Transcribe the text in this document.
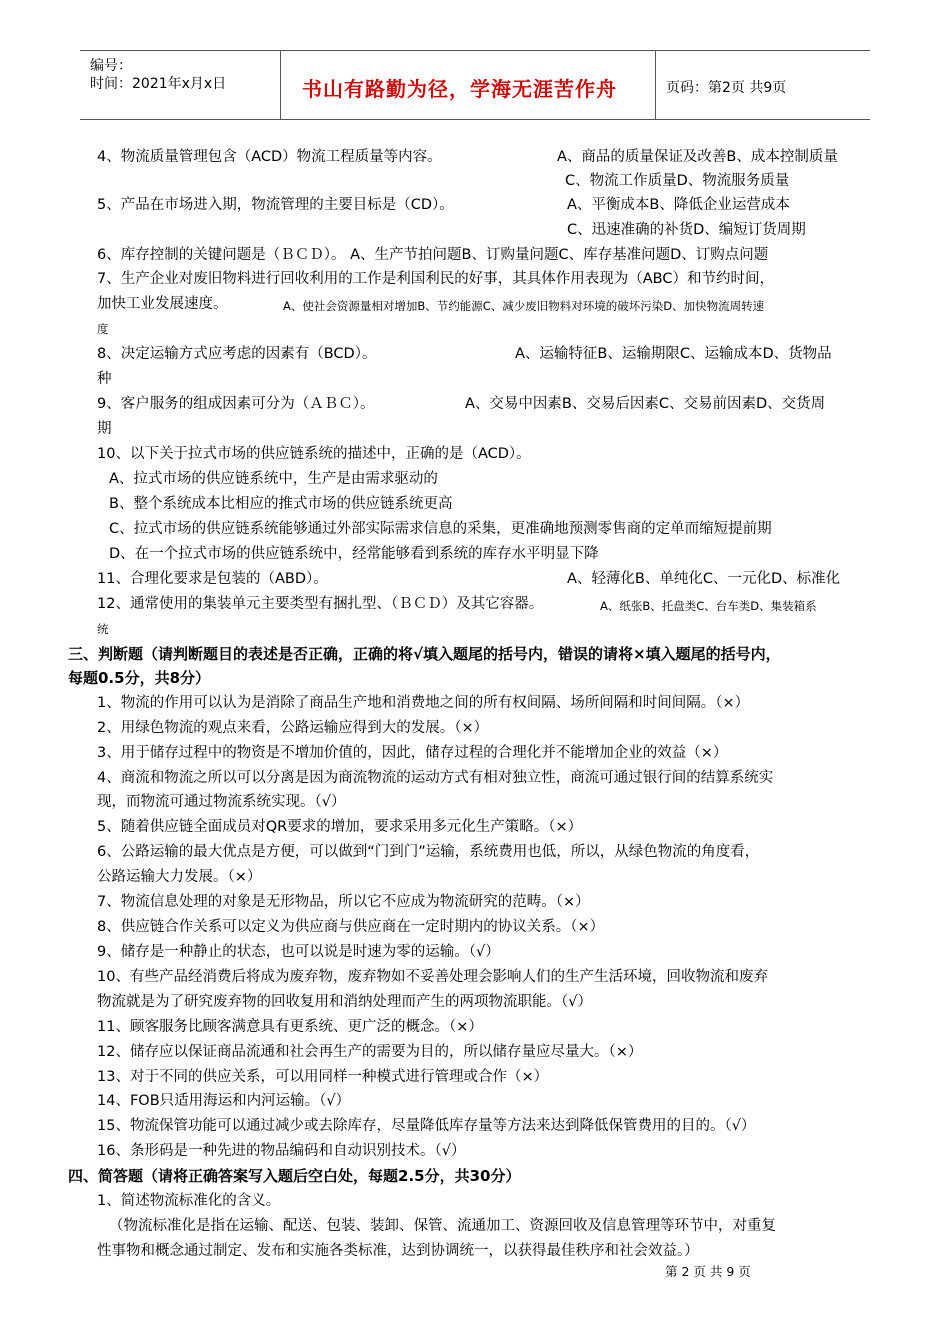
编号：
时间：2021年x月x日	书山有路勤为径，学海无涯苦作舟	页码：第2页 共9页
4、物流质量管理包含（ACD）物流工程质量等内容。	A、商品的质量保证及改善B、成本控制质量
C、物流工作质量D、物流服务质量
5、产品在市场进入期，物流管理的主要目标是（CD）。	A、平衡成本B、降低企业运营成本
C、迅速准确的补货D、编短订货周期
6、库存控制的关键问题是（ＢＣＤ）。 A、生产节拍问题B、订购量问题C、库存基准问题D、订购点问题
7、生产企业对废旧物料进行回收利用的工作是利国利民的好事，其具体作用表现为（ABC）和节约时间，
加快工业发展速度。	A、使社会资源量相对增加B、节约能源C、减少废旧物料对环境的破坏污染D、加快物流周转速
度
8、决定运输方式应考虑的因素有（BCD）。	A、运输特征B、运输期限C、运输成本D、货物品
种
9、客户服务的组成因素可分为（ＡＢＣ）。	A、交易中因素B、交易后因素C、交易前因素D、交货周
期
10、以下关于拉式市场的供应链系统的描述中，正确的是（ACD）。
A、拉式市场的供应链系统中，生产是由需求驱动的
B、整个系统成本比相应的推式市场的供应链系统更高
C、拉式市场的供应链系统能够通过外部实际需求信息的采集，更准确地预测零售商的定单而缩短提前期
D、在一个拉式市场的供应链系统中，经常能够看到系统的库存水平明显下降
11、合理化要求是包装的（ABD）。	A、轻薄化B、单纯化C、一元化D、标准化
12、通常使用的集装单元主要类型有捆扎型、（ＢＣＤ）及其它容器。	A、纸张B、托盘类C、台车类D、集装箱系
统
三、判断题（请判断题目的表述是否正确，正确的将√填入题尾的括号内，错误的请将×填入题尾的括号内，
每题0.5分，共8分）
1、物流的作用可以认为是消除了商品生产地和消费地之间的所有权间隔、场所间隔和时间间隔。（×）
2、用绿色物流的观点来看，公路运输应得到大的发展。（×）
3、用于储存过程中的物资是不增加价值的，因此，储存过程的合理化并不能增加企业的效益（×）
4、商流和物流之所以可以分离是因为商流物流的运动方式有相对独立性，商流可通过银行间的结算系统实
现，而物流可通过物流系统实现。（√）
5、随着供应链全面成员对QR要求的增加，要求采用多元化生产策略。（×）
6、公路运输的最大优点是方便，可以做到“门到门”运输，系统费用也低，所以，从绿色物流的角度看，
公路运输大力发展。（×）
7、物流信息处理的对象是无形物品，所以它不应成为物流研究的范畴。（×）
8、供应链合作关系可以定义为供应商与供应商在一定时期内的协议关系。（×）
9、储存是一种静止的状态，也可以说是时速为零的运输。（√）
10、有些产品经消费后将成为废弃物，废弃物如不妥善处理会影响人们的生产生活环境，回收物流和废弃
物流就是为了研究废弃物的回收复用和消纳处理而产生的两项物流职能。（√）
11、顾客服务比顾客满意具有更系统、更广泛的概念。（×）
12、储存应以保证商品流通和社会再生产的需要为目的，所以储存量应尽量大。（×）
13、对于不同的供应关系，可以用同样一种模式进行管理或合作（×）
14、FOB只适用海运和内河运输。（√）
15、物流保管功能可以通过减少或去除库存，尽量降低库存量等方法来达到降低保管费用的目的。（√）
16、条形码是一种先进的物品编码和自动识别技术。（√）
四、简答题（请将正确答案写入题后空白处，每题2.5分，共30分）
1、简述物流标准化的含义。
（物流标准化是指在运输、配送、包装、装卸、保管、流通加工、资源回收及信息管理等环节中，对重复
性事物和概念通过制定、发布和实施各类标准，达到协调统一，以获得最佳秩序和社会效益。）
第 2 页 共 9 页
